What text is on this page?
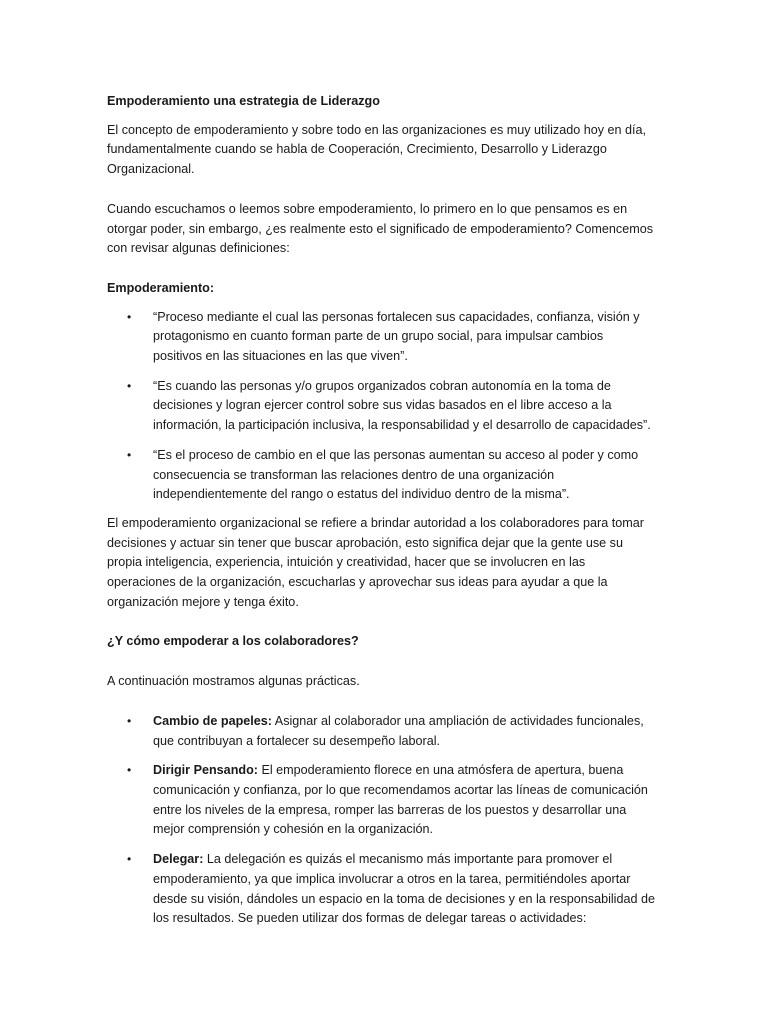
Empoderamiento una estrategia de Liderazgo

El concepto de empoderamiento y sobre todo en las organizaciones es muy utilizado hoy en día, fundamentalmente cuando se habla de Cooperación, Crecimiento, Desarrollo y Liderazgo Organizacional.

Cuando escuchamos o leemos sobre empoderamiento, lo primero en lo que pensamos es en otorgar poder, sin embargo, ¿es realmente esto el significado de empoderamiento? Comencemos con revisar algunas definiciones:

Empoderamiento:

• “Proceso mediante el cual las personas fortalecen sus capacidades, confianza, visión y protagonismo en cuanto forman parte de un grupo social, para impulsar cambios positivos en las situaciones en las que viven”.
• “Es cuando las personas y/o grupos organizados cobran autonomía en la toma de decisiones y logran ejercer control sobre sus vidas basados en el libre acceso a la información, la participación inclusiva, la responsabilidad y el desarrollo de capacidades”.
• “Es el proceso de cambio en el que las personas aumentan su acceso al poder y como consecuencia se transforman las relaciones dentro de una organización independientemente del rango o estatus del individuo dentro de la misma”.

El empoderamiento organizacional se refiere a brindar autoridad a los colaboradores para tomar decisiones y actuar sin tener que buscar aprobación, esto significa dejar que la gente use su propia inteligencia, experiencia, intuición y creatividad, hacer que se involucren en las operaciones de la organización, escucharlas y aprovechar sus ideas para ayudar a que la organización mejore y tenga éxito.

¿Y cómo empoderar a los colaboradores?

A continuación mostramos algunas prácticas.

• Cambio de papeles: Asignar al colaborador una ampliación de actividades funcionales, que contribuyan a fortalecer su desempeño laboral.
• Dirigir Pensando: El empoderamiento florece en una atmósfera de apertura, buena comunicación y confianza, por lo que recomendamos acortar las líneas de comunicación entre los niveles de la empresa, romper las barreras de los puestos y desarrollar una mejor comprensión y cohesión en la organización.
• Delegar: La delegación es quizás el mecanismo más importante para promover el empoderamiento, ya que implica involucrar a otros en la tarea, permitiéndoles aportar desde su visión, dándoles un espacio en la toma de decisiones y en la responsabilidad de los resultados. Se pueden utilizar dos formas de delegar tareas o actividades:
